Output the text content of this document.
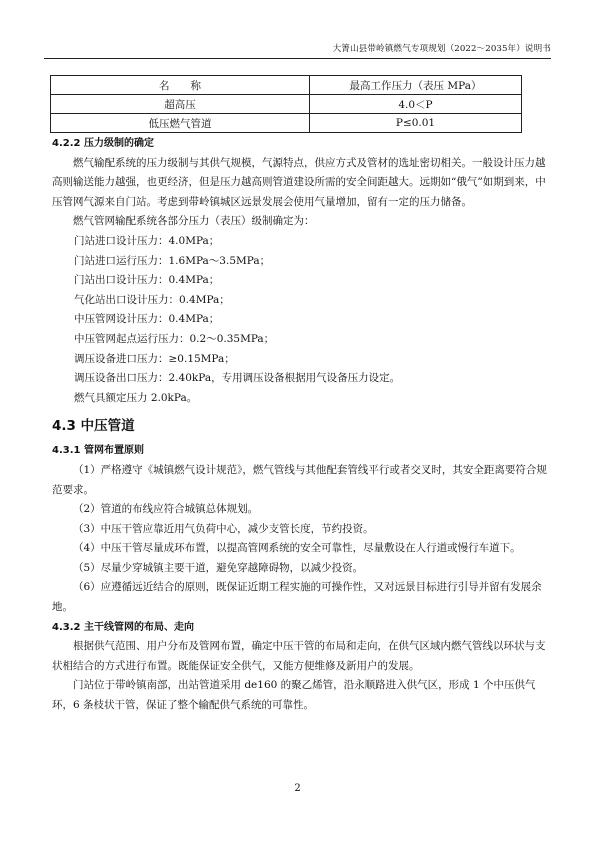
大箐山县带岭镇燃气专项规划（2022～2035年）说明书
名　　称	最高工作压力（表压 MPa）
超高压	4.0＜P
低压燃气管道	P≤0.01
4.2.2 压力级制的确定

燃气输配系统的压力级制与其供气规模，气源特点，供应方式及管材的选址密切相关。一般设计压力越高则输送能力越强，也更经济，但是压力越高则管道建设所需的安全间距越大。远期如“俄气”如期到来，中压管网气源来自门站。考虑到带岭镇城区远景发展会使用气量增加，留有一定的压力储备。

燃气管网输配系统各部分压力（表压）级制确定为：

门站进口设计压力：4.0MPa；

门站进口运行压力：1.6MPa～3.5MPa；

门站出口设计压力：0.4MPa；

气化站出口设计压力：0.4MPa；

中压管网设计压力：0.4MPa；

中压管网起点运行压力：0.2～0.35MPa；

调压设备进口压力：≥0.15MPa；

调压设备出口压力：2.40kPa，专用调压设备根据用气设备压力设定。

燃气具额定压力 2.0kPa。

4.3 中压管道
4.3.1 管网布置原则

（1）严格遵守《城镇燃气设计规范》，燃气管线与其他配套管线平行或者交叉时，其安全距离要符合规范要求。

（2）管道的布线应符合城镇总体规划。

（3）中压干管应靠近用气负荷中心，减少支管长度，节约投资。

（4）中压干管尽量成环布置，以提高管网系统的安全可靠性，尽量敷设在人行道或慢行车道下。

（5）尽量少穿城镇主要干道，避免穿越障碍物，以减少投资。

（6）应遵循远近结合的原则，既保证近期工程实施的可操作性，又对远景目标进行引导并留有发展余地。

4.3.2 主干线管网的布局、走向

根据供气范围、用户分布及管网布置，确定中压干管的布局和走向，在供气区域内燃气管线以环状与支状相结合的方式进行布置。既能保证安全供气，又能方便维修及新用户的发展。

门站位于带岭镇南部，出站管道采用 de160 的聚乙烯管，沿永顺路进入供气区，形成 1 个中压供气环，6 条枝状干管，保证了整个输配供气系统的可靠性。

2
